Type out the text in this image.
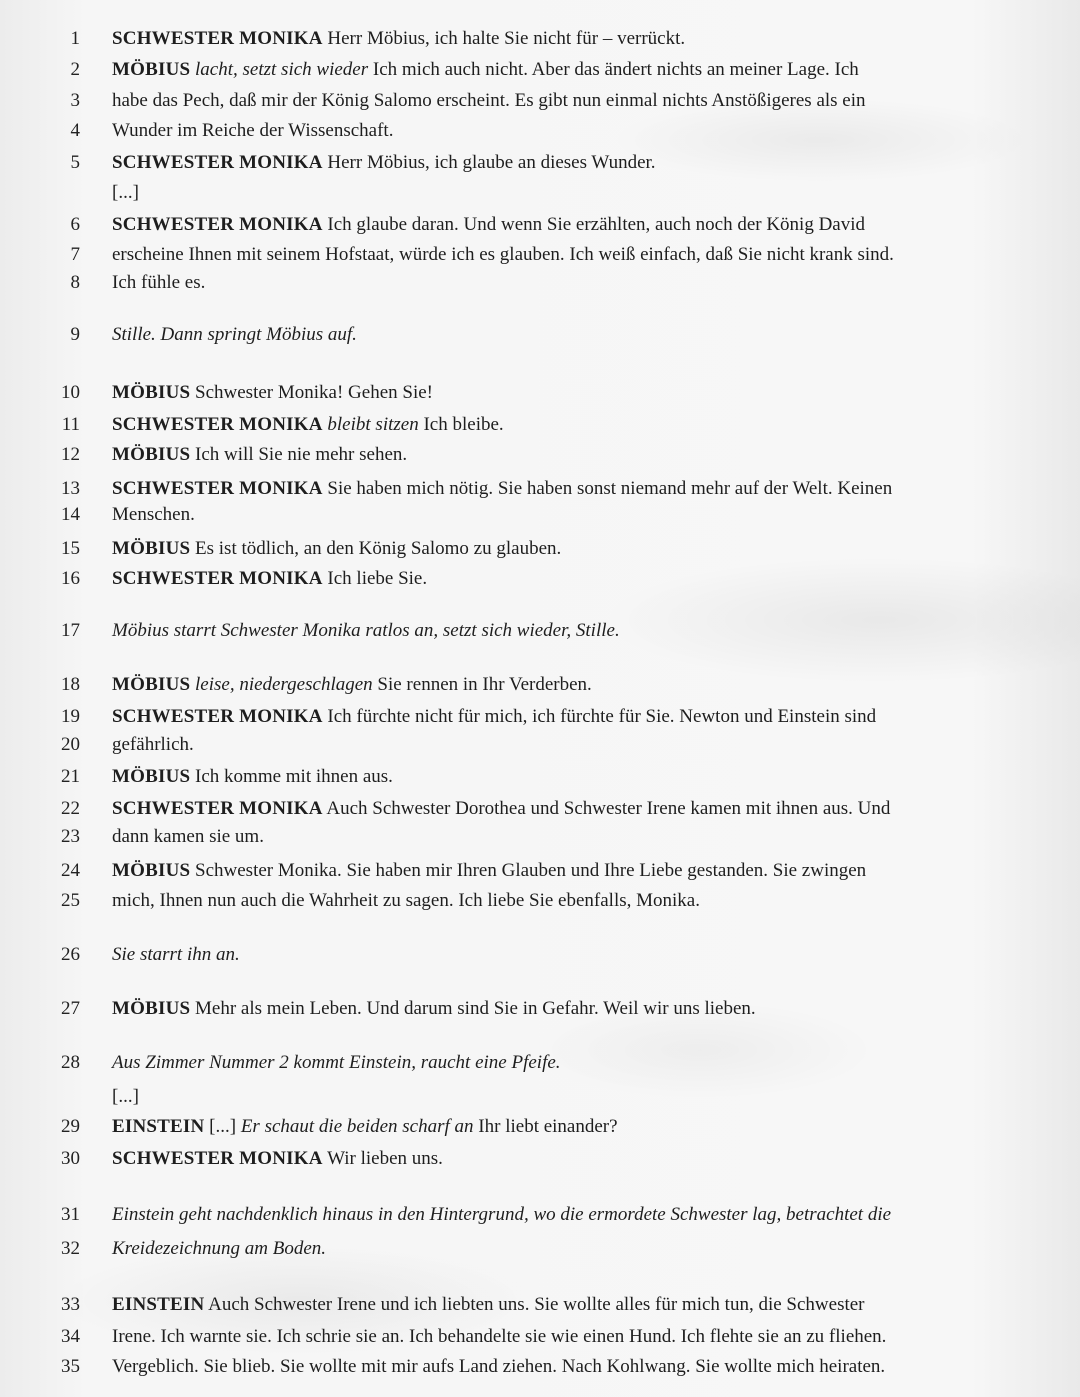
1 SCHWESTER MONIKA Herr Möbius, ich halte Sie nicht für – verrückt.
2 MÖBIUS lacht, setzt sich wieder Ich mich auch nicht. Aber das ändert nichts an meiner Lage. Ich
3 habe das Pech, daß mir der König Salomo erscheint. Es gibt nun einmal nichts Anstößigeres als ein
4 Wunder im Reiche der Wissenschaft.
5 SCHWESTER MONIKA Herr Möbius, ich glaube an dieses Wunder.
[...]
6 SCHWESTER MONIKA Ich glaube daran. Und wenn Sie erzählten, auch noch der König David
7 erscheine Ihnen mit seinem Hofstaat, würde ich es glauben. Ich weiß einfach, daß Sie nicht krank sind.
8 Ich fühle es.
9 Stille. Dann springt Möbius auf.
10 MÖBIUS Schwester Monika! Gehen Sie!
11 SCHWESTER MONIKA bleibt sitzen Ich bleibe.
12 MÖBIUS Ich will Sie nie mehr sehen.
13 SCHWESTER MONIKA Sie haben mich nötig. Sie haben sonst niemand mehr auf der Welt. Keinen
14 Menschen.
15 MÖBIUS Es ist tödlich, an den König Salomo zu glauben.
16 SCHWESTER MONIKA Ich liebe Sie.
17 Möbius starrt Schwester Monika ratlos an, setzt sich wieder, Stille.
18 MÖBIUS leise, niedergeschlagen Sie rennen in Ihr Verderben.
19 SCHWESTER MONIKA Ich fürchte nicht für mich, ich fürchte für Sie. Newton und Einstein sind
20 gefährlich.
21 MÖBIUS Ich komme mit ihnen aus.
22 SCHWESTER MONIKA Auch Schwester Dorothea und Schwester Irene kamen mit ihnen aus. Und
23 dann kamen sie um.
24 MÖBIUS Schwester Monika. Sie haben mir Ihren Glauben und Ihre Liebe gestanden. Sie zwingen
25 mich, Ihnen nun auch die Wahrheit zu sagen. Ich liebe Sie ebenfalls, Monika.
26 Sie starrt ihn an.
27 MÖBIUS Mehr als mein Leben. Und darum sind Sie in Gefahr. Weil wir uns lieben.
28 Aus Zimmer Nummer 2 kommt Einstein, raucht eine Pfeife.
[...]
29 EINSTEIN [...] Er schaut die beiden scharf an Ihr liebt einander?
30 SCHWESTER MONIKA Wir lieben uns.
31 Einstein geht nachdenklich hinaus in den Hintergrund, wo die ermordete Schwester lag, betrachtet die
32 Kreidezeichnung am Boden.
33 EINSTEIN Auch Schwester Irene und ich liebten uns. Sie wollte alles für mich tun, die Schwester
34 Irene. Ich warnte sie. Ich schrie sie an. Ich behandelte sie wie einen Hund. Ich flehte sie an zu fliehen.
35 Vergeblich. Sie blieb. Sie wollte mit mir aufs Land ziehen. Nach Kohlwang. Sie wollte mich heiraten.
